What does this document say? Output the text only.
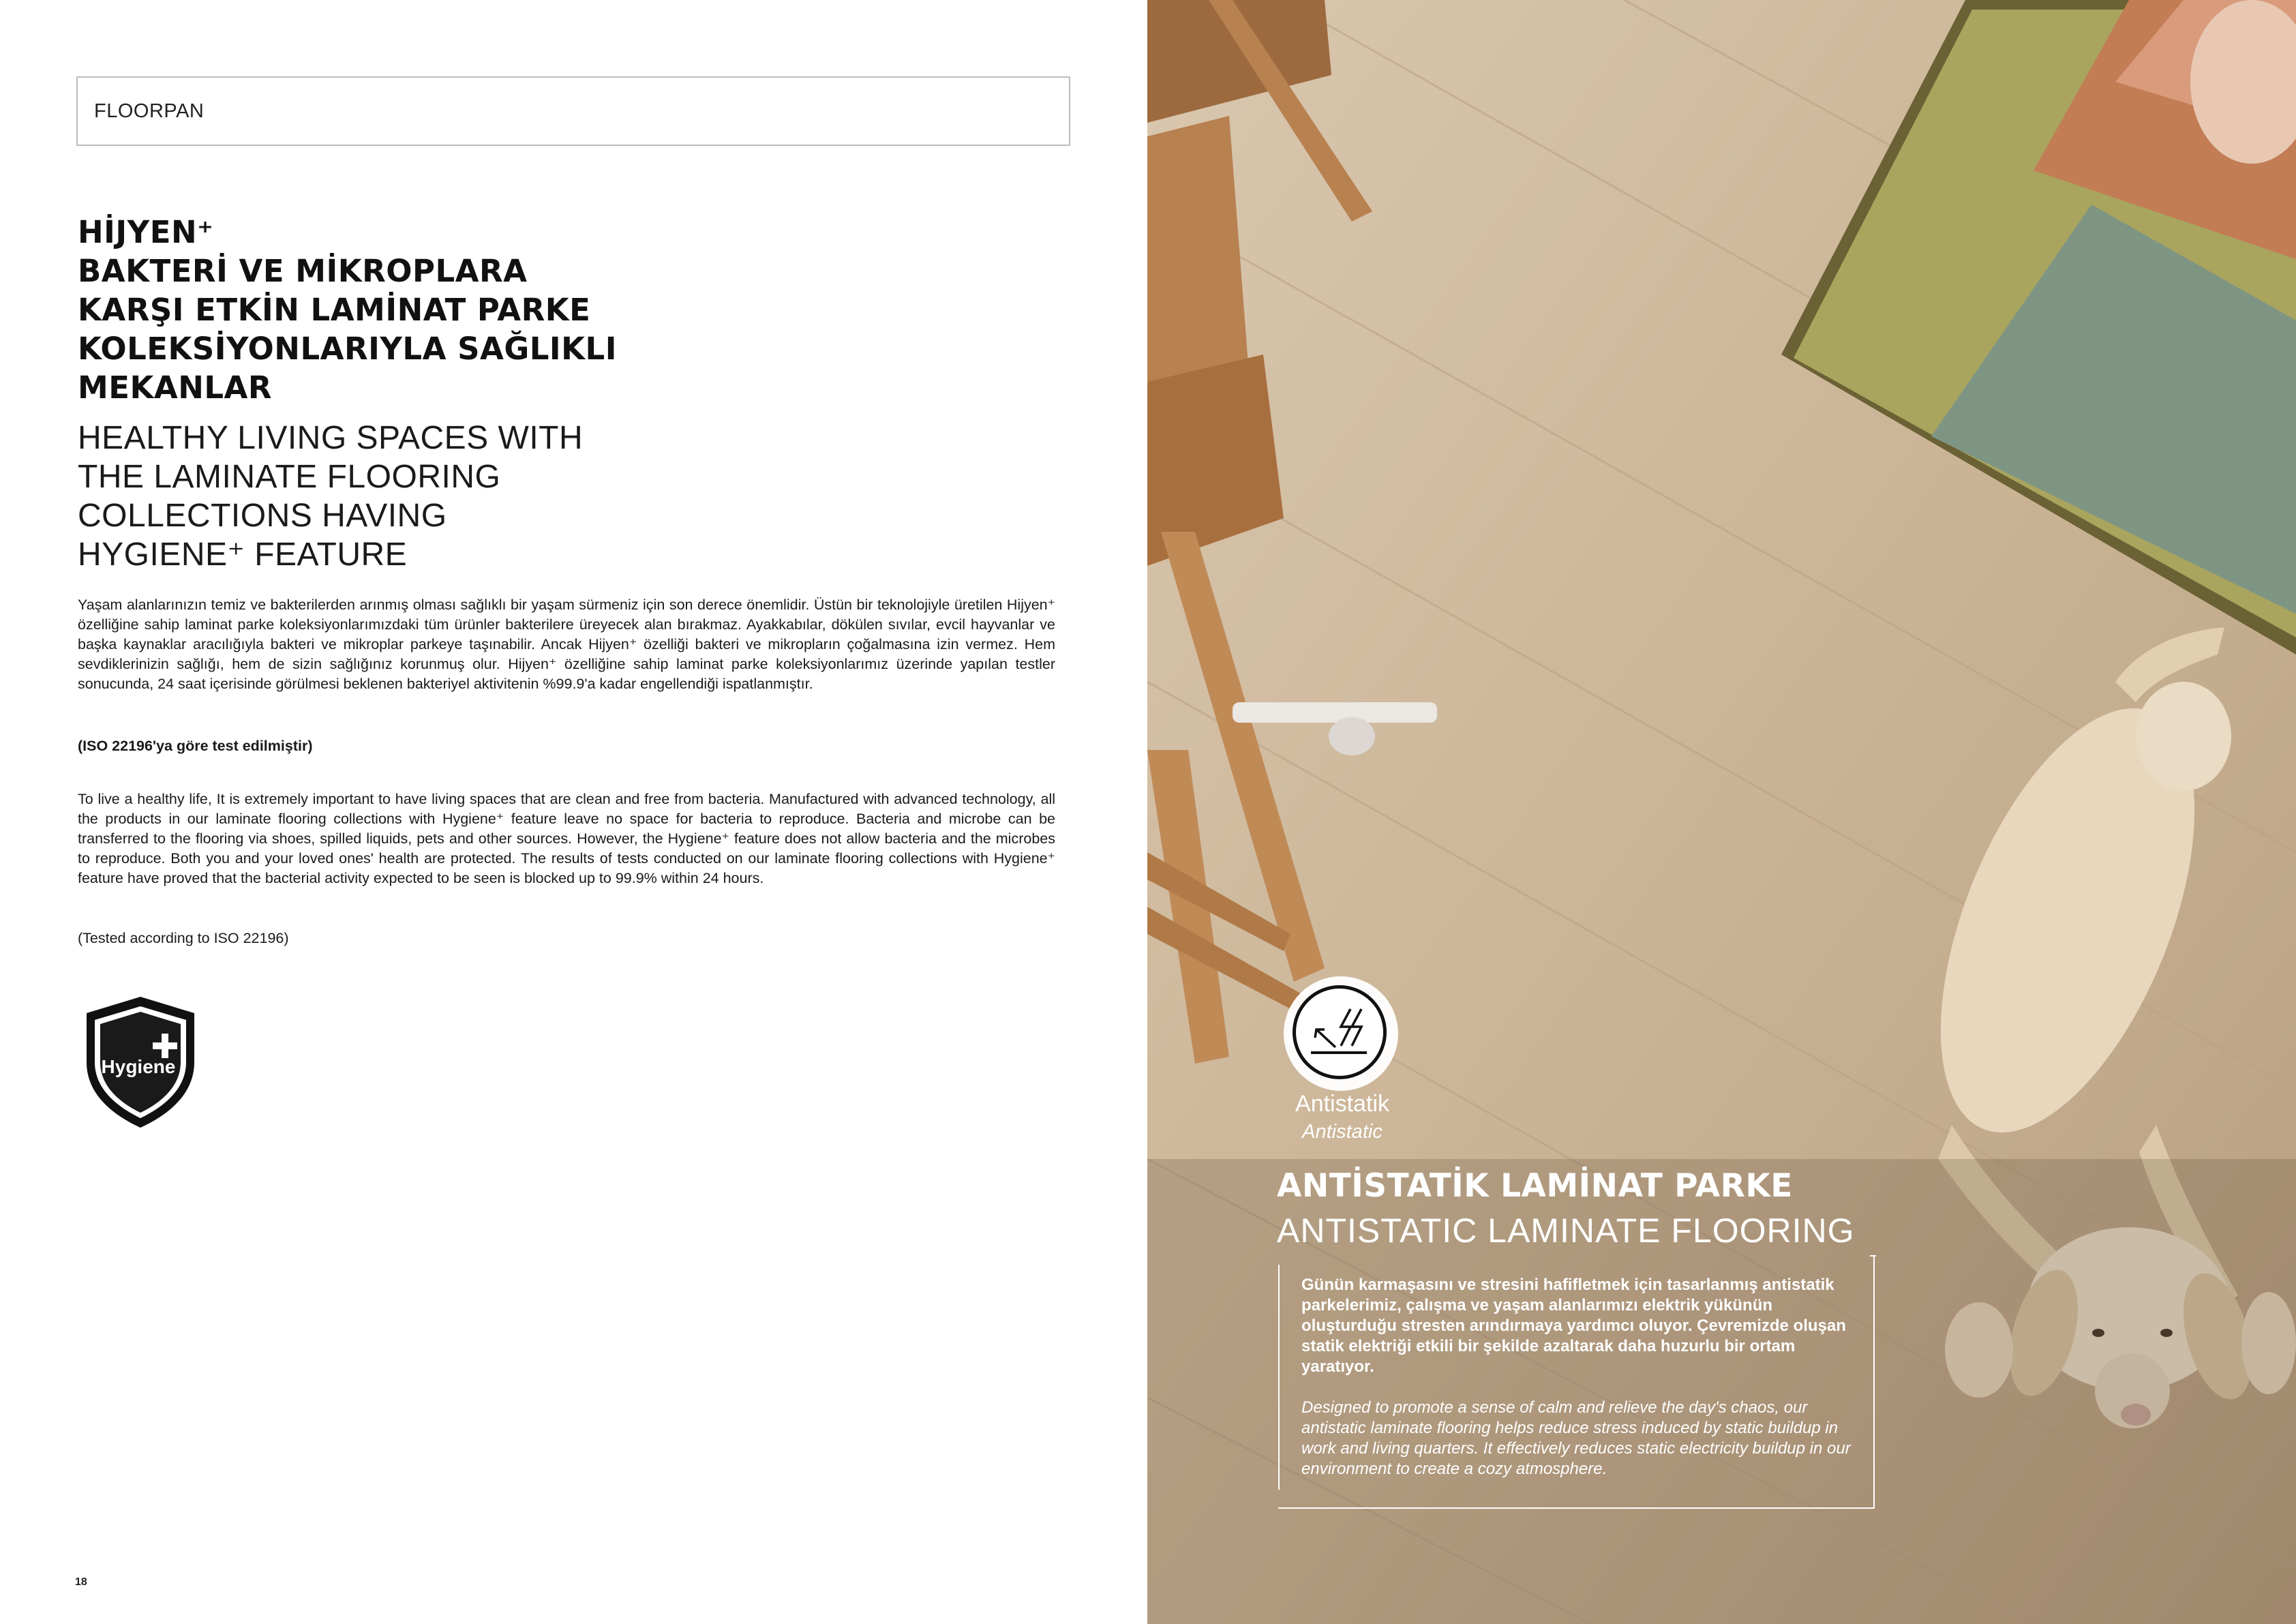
FLOORPAN
HİJYEN⁺
BAKTERİ VE MİKROPLARA
KARŞI ETKİN LAMİNAT PARKE
KOLEKSİYONLARIYLA SAĞLIKLI
MEKANLAR
HEALTHY LIVING SPACES WITH
THE LAMINATE FLOORING
COLLECTIONS HAVING
HYGIENE⁺ FEATURE
Yaşam alanlarınızın temiz ve bakterilerden arınmış olması sağlıklı bir yaşam sürmeniz için son derece önemlidir. Üstün bir teknolojiyle üretilen Hijyen⁺ özelliğine sahip laminat parke koleksiyonlarımızdaki tüm ürünler bakterilere üreyecek alan bırakmaz. Ayakkabılar, dökülen sıvılar, evcil hayvanlar ve başka kaynaklar aracılığıyla bakteri ve mikroplar parkeye taşınabilir. Ancak Hijyen⁺ özelliği bakteri ve mikropların çoğalmasına izin vermez. Hem sevdiklerinizin sağlığı, hem de sizin sağlığınız korunmuş olur. Hijyen⁺ özelliğine sahip laminat parke koleksiyonlarımız üzerinde yapılan testler sonucunda, 24 saat içerisinde görülmesi beklenen bakteriyel aktivitenin %99.9'a kadar engellendiği ispatlanmıştır.
(ISO 22196'ya göre test edilmiştir)
To live a healthy life, It is extremely important to have living spaces that are clean and free from bacteria. Manufactured with advanced technology, all the products in our laminate flooring collections with Hygiene⁺ feature leave no space for bacteria to reproduce. Bacteria and microbe can be transferred to the flooring via shoes, spilled liquids, pets and other sources. However, the Hygiene⁺ feature does not allow bacteria and the microbes to reproduce. Both you and your loved ones' health are protected. The results of tests conducted on our laminate flooring collections with Hygiene⁺ feature have proved that the bacterial activity expected to be seen is blocked up to 99.9% within 24 hours.
(Tested according to ISO 22196)
Hygiene
18
Antistatik
Antistatic
ANTİSTATİK LAMİNAT PARKE
ANTISTATIC LAMINATE FLOORING
Günün karmaşasını ve stresini hafifletmek için tasarlanmış antistatik parkelerimiz, çalışma ve yaşam alanlarımızı elektrik yükünün oluşturduğu stresten arındırmaya yardımcı oluyor. Çevremizde oluşan statik elektriği etkili bir şekilde azaltarak daha huzurlu bir ortam yaratıyor.
Designed to promote a sense of calm and relieve the day's chaos, our antistatic laminate flooring helps reduce stress induced by static buildup in work and living quarters. It effectively reduces static electricity buildup in our environment to create a cozy atmosphere.
